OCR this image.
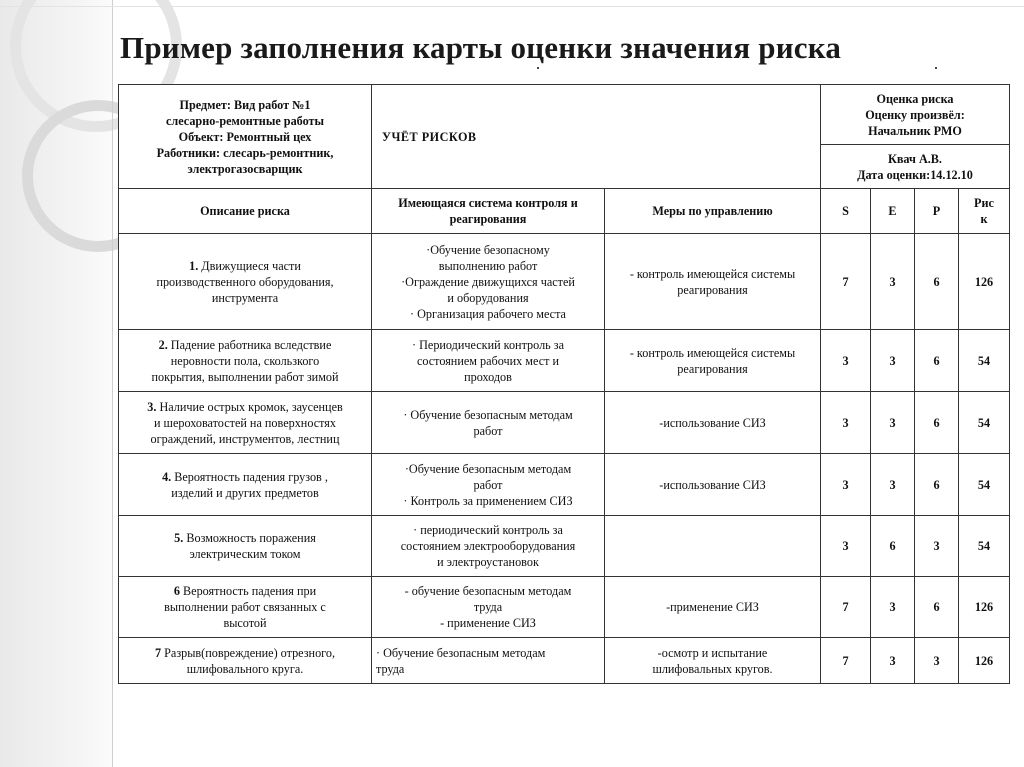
Пример заполнения карты оценки значения риска
Предмет: Вид работ №1
слесарно-ремонтные работы
Объект: Ремонтный цех
Работники: слесарь-ремонтник,
электрогазосварщик	УЧЁТ РИСКОВ		Оценка риска
Оценку произвёл:
Начальник РМО			

			Квач А.В.
Дата оценки:14.12.10			

Описание риска	Имеющаяся система контроля и
реагирования	Меры по управлению	S	E	P	Рис
к

1. Движущиеся части
производственного оборудования,
инструмента	·Обучение безопасному
выполнению работ
·Ограждение движущихся частей
и оборудования
· Организация рабочего места	- контроль имеющейся системы
реагирования	7	3	6	126
2. Падение работника вследствие
неровности пола, скользкого
покрытия, выполнении работ зимой	· Периодический контроль за
состоянием рабочих мест и
проходов	- контроль имеющейся системы
реагирования	3	3	6	54
3. Наличие острых кромок, заусенцев
и шероховатостей на поверхностях
ограждений, инструментов, лестниц	· Обучение безопасным методам
работ	-использование СИЗ	3	3	6	54
4. Вероятность падения грузов ,
изделий и других предметов	·Обучение безопасным методам
работ
· Контроль за применением СИЗ	-использование СИЗ	3	3	6	54
5. Возможность поражения
электрическим током	· периодический контроль за
состоянием электрооборудования
и электроустановок		3	6	3	54
6 Вероятность падения при
выполнении работ связанных с
высотой	- обучение безопасным методам
труда
- применение СИЗ	-применение СИЗ	7	3	6	126
7 Разрыв(повреждение) отрезного,
шлифовального круга.	· Обучение безопасным методам
труда	-осмотр и испытание
шлифовальных кругов.	7	3	3	126
